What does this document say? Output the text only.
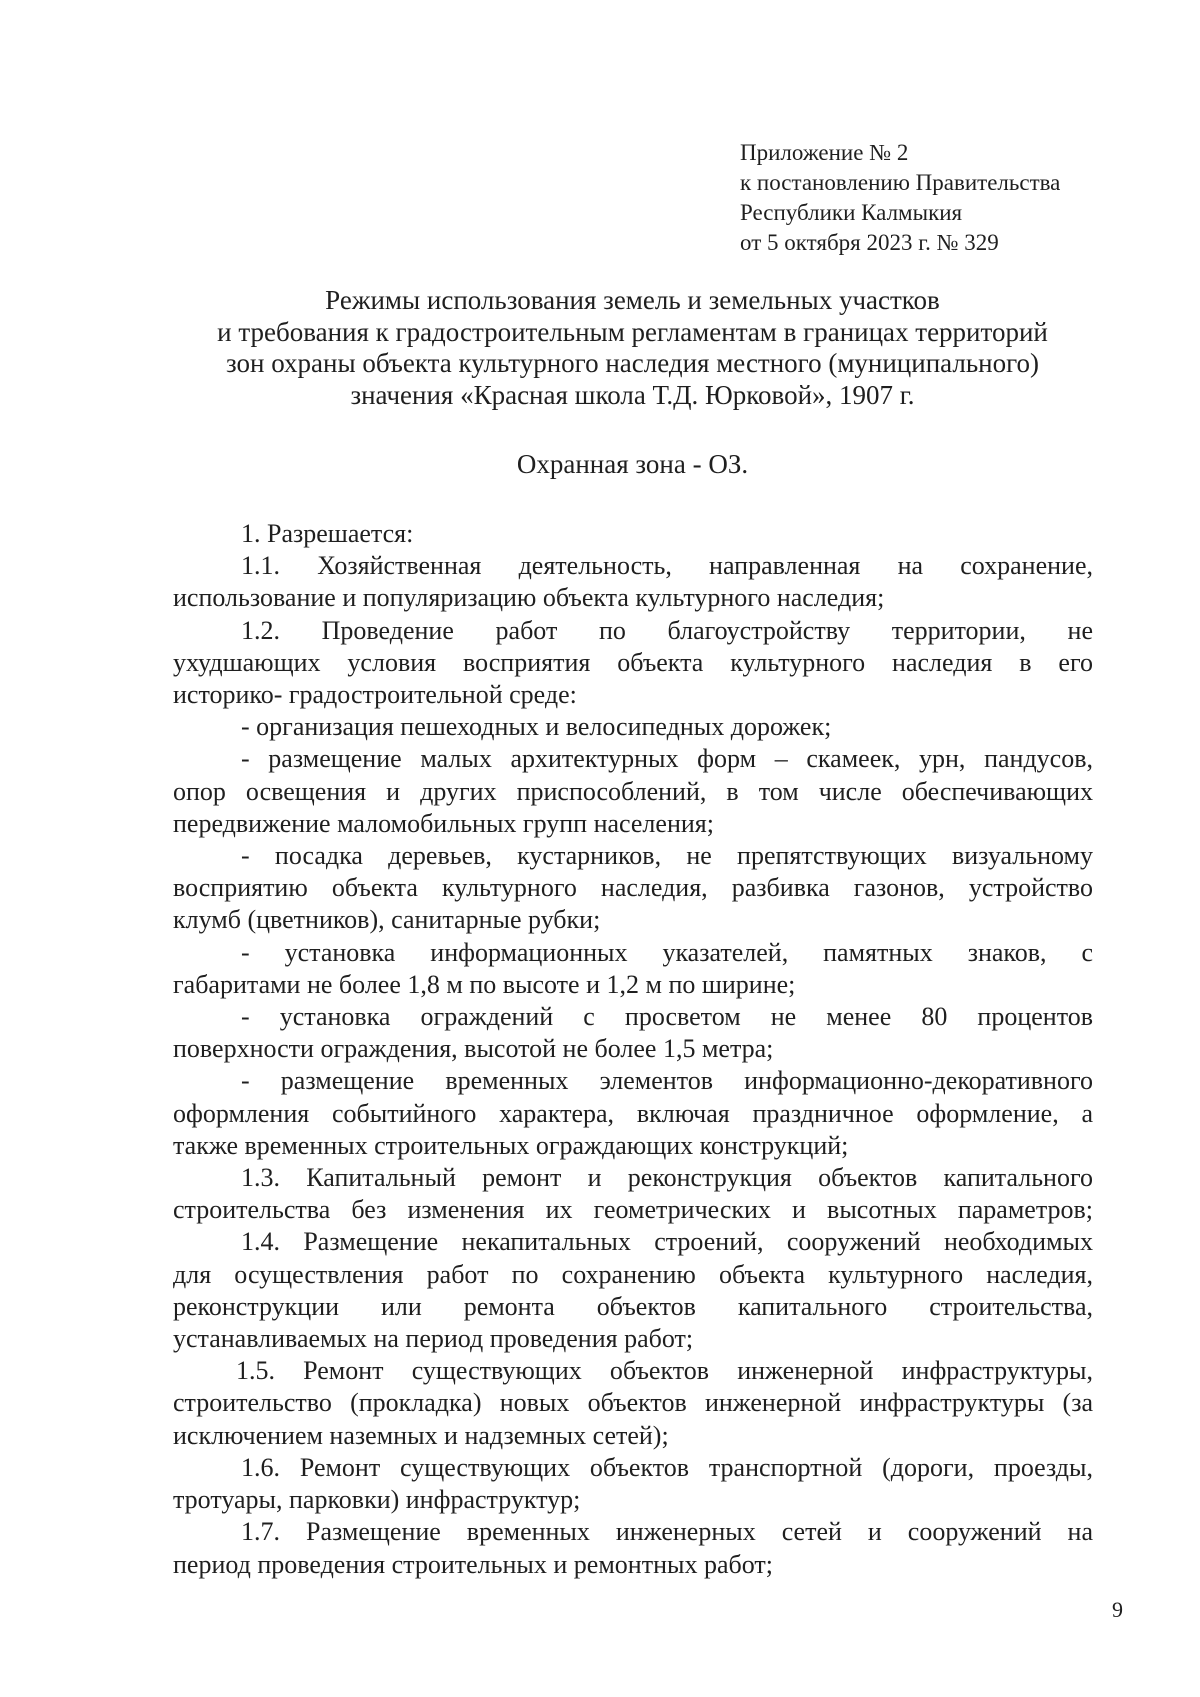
Приложение № 2
к постановлению Правительства
Республики Калмыкия
от 5 октября 2023 г. № 329
Режимы использования земель и земельных участков
и требования к градостроительным регламентам в границах территорий
зон охраны объекта культурного наследия местного (муниципального)
значения «Красная школа Т.Д. Юрковой», 1907 г.
Охранная зона - ОЗ.

1. Разрешается:

1.1. Хозяйственная деятельность, направленная на сохранение,
использование и популяризацию объекта культурного наследия;

1.2. Проведение работ по благоустройству территории, не
ухудшающих условия восприятия объекта культурного наследия в его
историко- градостроительной среде:

- организация пешеходных и велосипедных дорожек;

- размещение малых архитектурных форм – скамеек, урн, пандусов,
опор освещения и других приспособлений, в том числе обеспечивающих
передвижение маломобильных групп населения;

- посадка деревьев, кустарников, не препятствующих визуальному
восприятию объекта культурного наследия, разбивка газонов, устройство
клумб (цветников), санитарные рубки;

- установка информационных указателей, памятных знаков, с
габаритами не более 1,8 м по высоте и 1,2 м по ширине;

- установка ограждений с просветом не менее 80 процентов
поверхности ограждения, высотой не более 1,5 метра;

- размещение временных элементов информационно-декоративного
оформления событийного характера, включая праздничное оформление, а
также временных строительных ограждающих конструкций;

1.3. Капитальный ремонт и реконструкция объектов капитального
строительства без изменения их геометрических и высотных параметров;

1.4. Размещение некапитальных строений, сооружений необходимых
для осуществления работ по сохранению объекта культурного наследия,
реконструкции или ремонта объектов капитального строительства,
устанавливаемых на период проведения работ;

1.5. Ремонт существующих объектов инженерной инфраструктуры,
строительство (прокладка) новых объектов инженерной инфраструктуры (за
исключением наземных и надземных сетей);

1.6. Ремонт существующих объектов транспортной (дороги, проезды,
тротуары, парковки) инфраструктур;

1.7. Размещение временных инженерных сетей и сооружений на
период проведения строительных и ремонтных работ;

9
